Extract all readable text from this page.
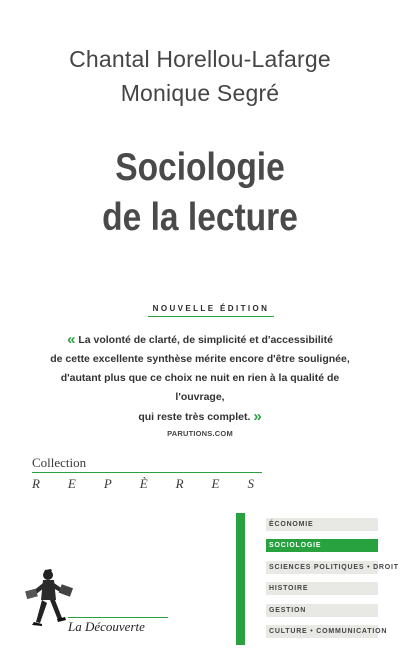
Chantal Horellou-Lafarge
Monique Segré
Sociologie
de la lecture
NOUVELLE ÉDITION
« La volonté de clarté, de simplicité et d'accessibilité
de cette excellente synthèse mérite encore d'être soulignée,
d'autant plus que ce choix ne nuit en rien à la qualité de l'ouvrage,
qui reste très complet. »
PARUTIONS.COM
Collection
R E P È R E S
ÉCONOMIE
SOCIOLOGIE
SCIENCES POLITIQUES • DROIT
HISTOIRE
GESTION
CULTURE • COMMUNICATION
La Découverte
